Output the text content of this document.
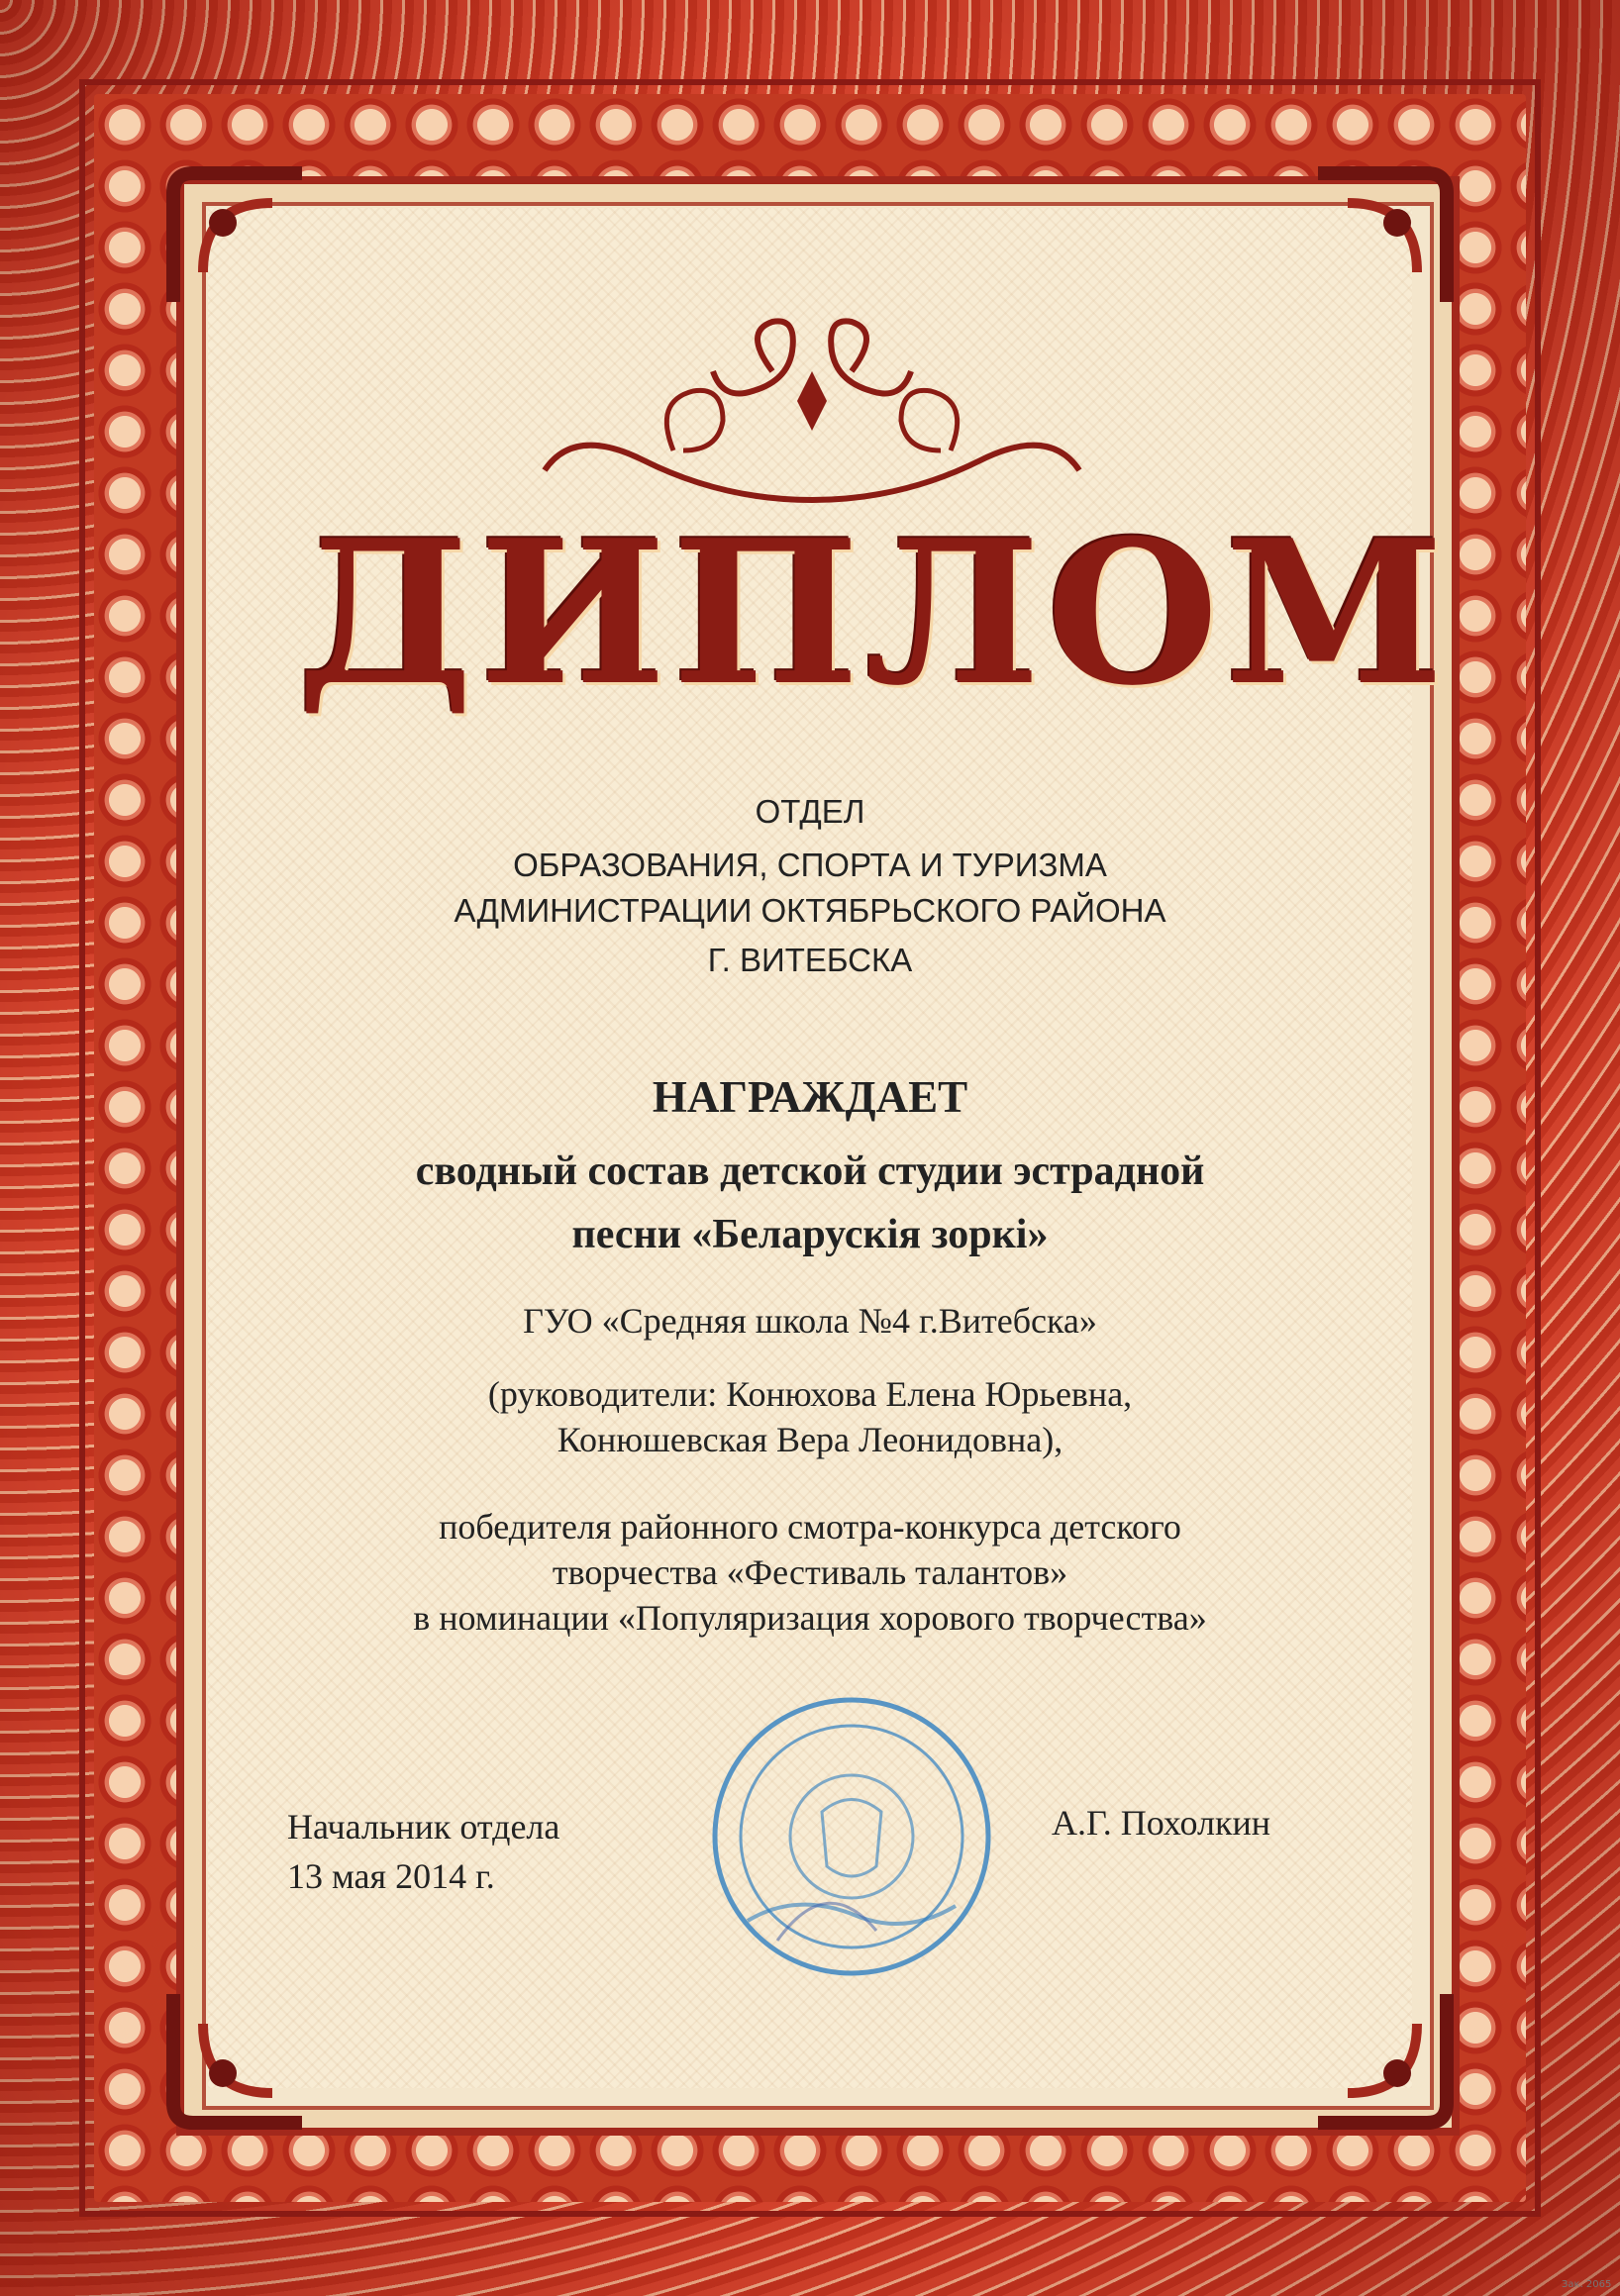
ДИПЛОМ
ОТДЕЛ
ОБРАЗОВАНИЯ, СПОРТА И ТУРИЗМА
АДМИНИСТРАЦИИ ОКТЯБРЬСКОГО РАЙОНА
Г. ВИТЕБСКА
НАГРАЖДАЕТ
сводный состав детской студии эстрадной
песни «Беларускія зоркі»
ГУО «Средняя школа №4 г.Витебска»
(руководители: Конюхова Елена Юрьевна,
Конюшевская Вера Леонидовна),
победителя районного смотра-конкурса детского
творчества «Фестиваль талантов»
в номинации «Популяризация хорового творчества»
Начальник отдела
13 мая 2014 г.
А.Г. Похолкин
Зак. 2065
